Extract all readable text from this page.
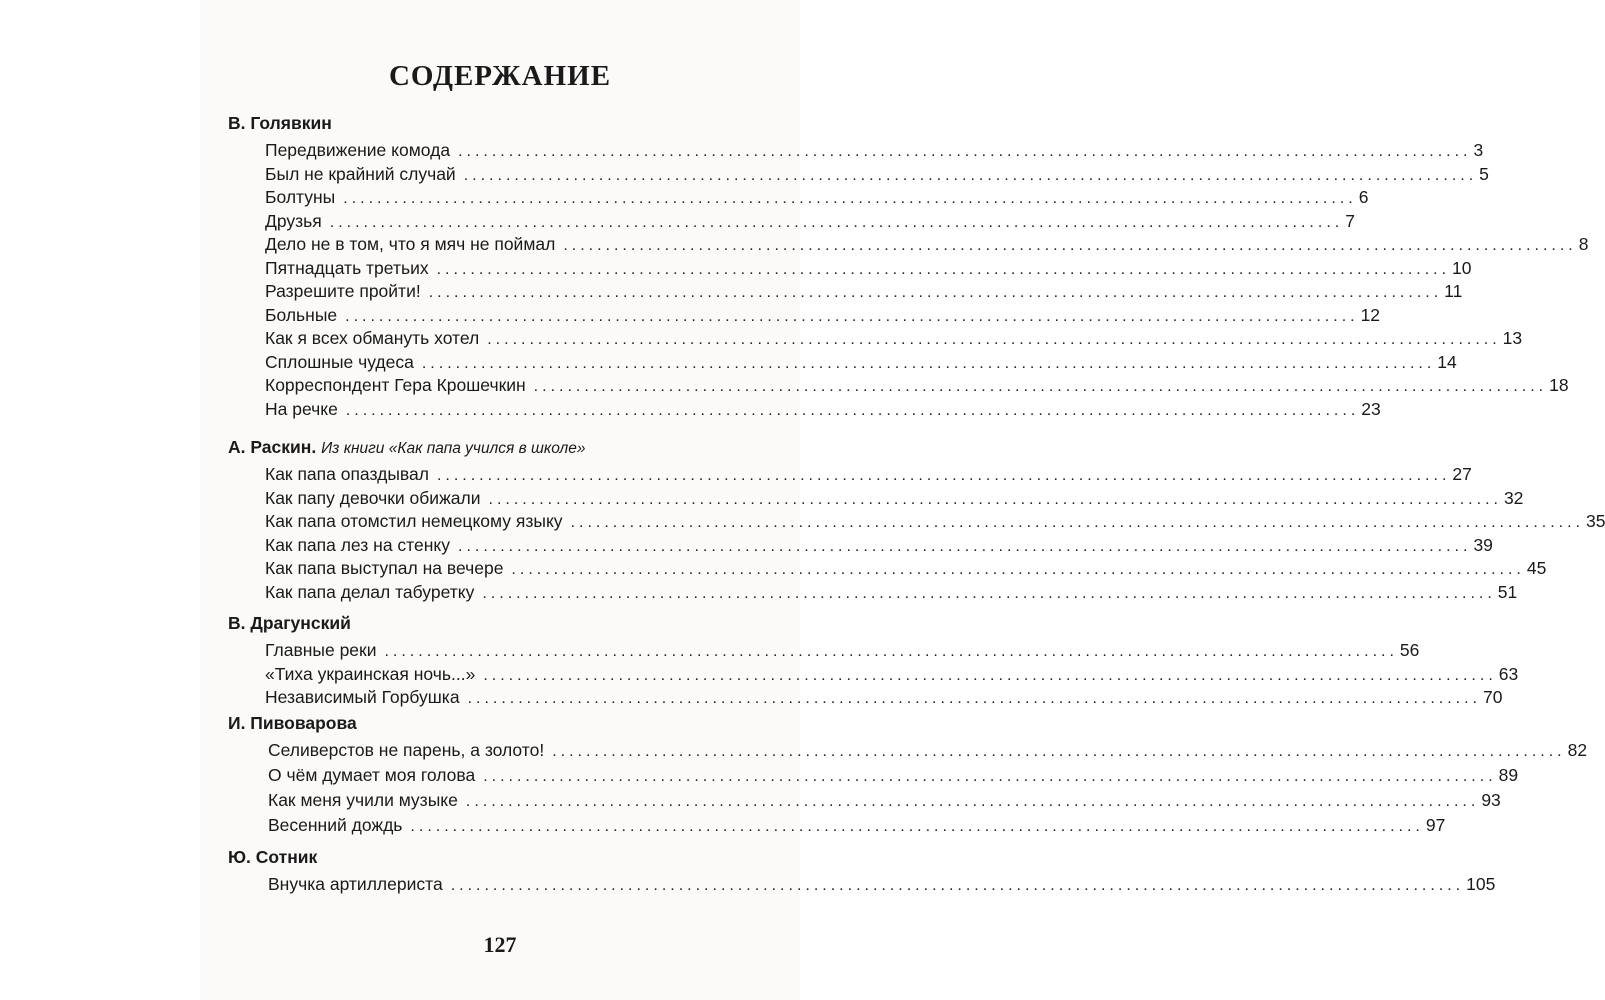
СОДЕРЖАНИЕ
В. Голявкин
Передвижение комода ........................................................................................................................ 3
Был не крайний случай ........................................................................................................................ 5
Болтуны ........................................................................................................................ 6
Друзья ........................................................................................................................ 7
Дело не в том, что я мяч не поймал ........................................................................................................................ 8
Пятнадцать третьих ........................................................................................................................ 10
Разрешите пройти! ........................................................................................................................ 11
Больные ........................................................................................................................ 12
Как я всех обмануть хотел ........................................................................................................................ 13
Сплошные чудеса ........................................................................................................................ 14
Корреспондент Гера Крошечкин ........................................................................................................................ 18
На речке ........................................................................................................................ 23
А. Раскин. Из книги «Как папа учился в школе»
Как папа опаздывал ........................................................................................................................ 27
Как папу девочки обижали ........................................................................................................................ 32
Как папа отомстил немецкому языку ........................................................................................................................ 35
Как папа лез на стенку ........................................................................................................................ 39
Как папа выступал на вечере ........................................................................................................................ 45
Как папа делал табуретку ........................................................................................................................ 51
В. Драгунский
Главные реки ........................................................................................................................ 56
«Тиха украинская ночь...» ........................................................................................................................ 63
Независимый Горбушка ........................................................................................................................ 70
И. Пивоварова
Селиверстов не парень, а золото! ........................................................................................................................ 82
О чём думает моя голова ........................................................................................................................ 89
Как меня учили музыке ........................................................................................................................ 93
Весенний дождь ........................................................................................................................ 97
Ю. Сотник
Внучка артиллериста ........................................................................................................................ 105
127
